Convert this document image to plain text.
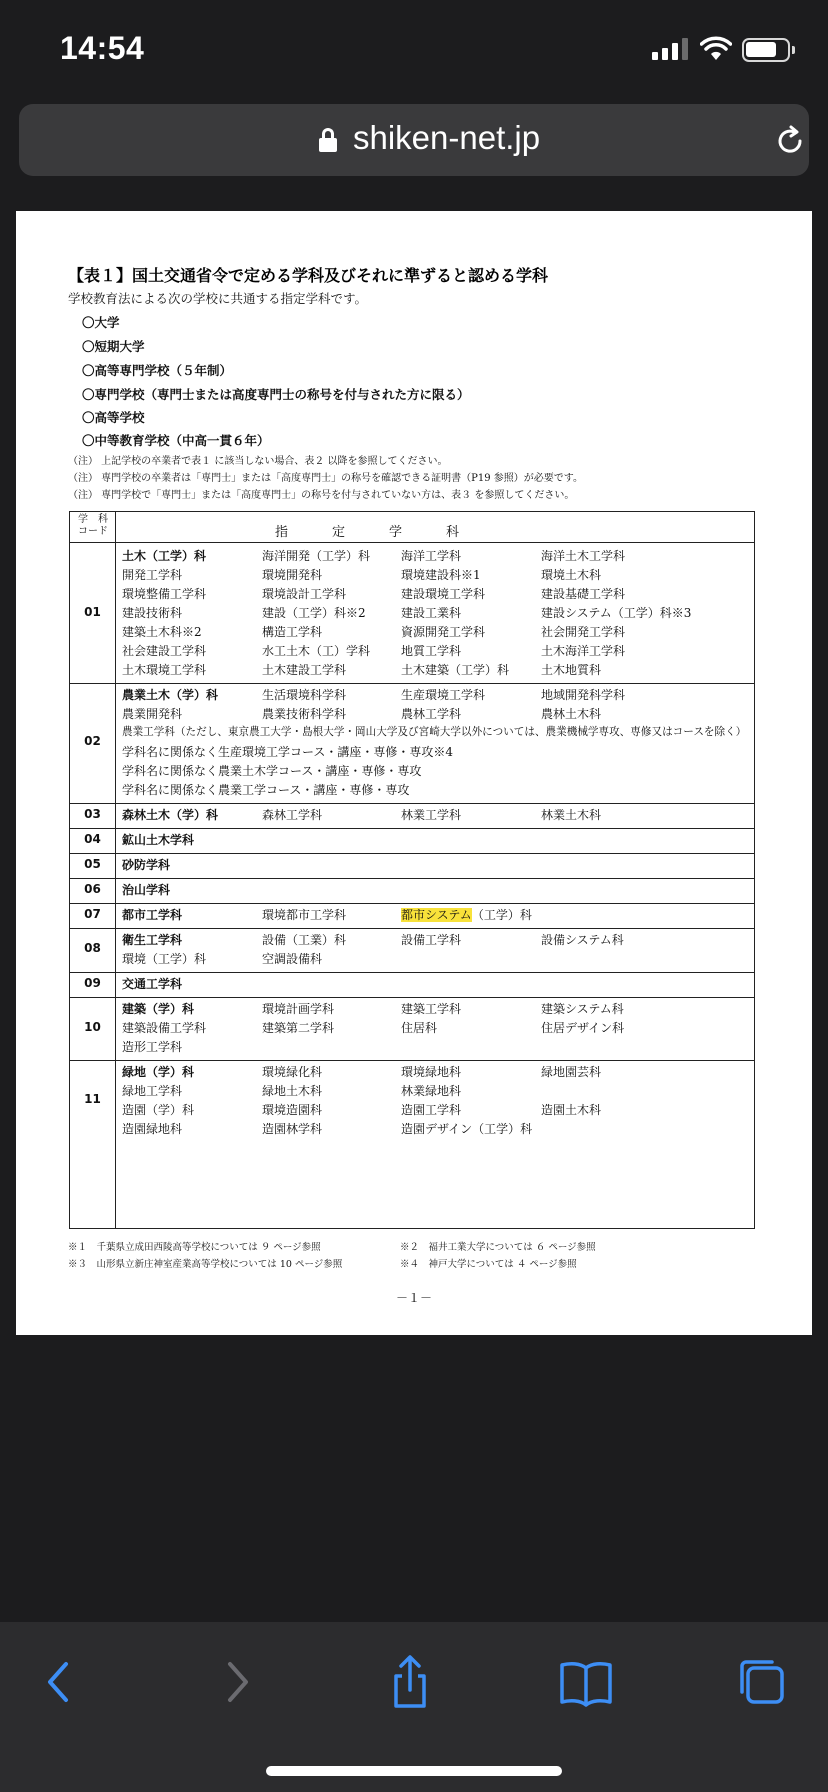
14:54
shiken-net.jp
【表１】国土交通省令で定める学科及びそれに準ずると認める学科
学校教育法による次の学校に共通する指定学科です。
〇大学
〇短期大学
〇高等専門学校（５年制）
〇専門学校（専門士または高度専門士の称号を付与された方に限る）
〇高等学校
〇中等教育学校（中高一貫６年）
（注） 上記学校の卒業者で表１ に該当しない場合、表２ 以降を参照してください。
（注） 専門学校の卒業者は「専門士」または「高度専門士」の称号を確認できる証明書（P19 参照）が必要です。
（注） 専門学校で「専門士」または「高度専門士」の称号を付与されていない方は、表３ を参照してください。
学　科 コード	指定学科
01
土木（工学）科	海洋開発（工学）科	海洋工学科	海洋土木工学科
開発工学科	環境開発科	環境建設科※1	環境土木科
環境整備工学科	環境設計工学科	建設環境工学科	建設基礎工学科
建設技術科	建設（工学）科※2	建設工業科	建設システム（工学）科※3
建築土木科※2	構造工学科	資源開発工学科	社会開発工学科
社会建設工学科	水工土木（工）学科	地質工学科	土木海洋工学科
土木環境工学科	土木建設工学科	土木建築（工学）科	土木地質科
02
農業土木（学）科	生活環境科学科	生産環境工学科	地域開発科学科
農業開発科	農業技術科学科	農林工学科	農林土木科
農業工学科（ただし、東京農工大学・島根大学・岡山大学及び宮崎大学以外については、農業機械学専攻、専修又はコースを除く）
学科名に関係なく生産環境工学コース・講座・専修・専攻※4
学科名に関係なく農業土木学コース・講座・専修・専攻
学科名に関係なく農業工学コース・講座・専修・専攻
03	森林土木（学）科	森林工学科	林業工学科	林業土木科
04	鉱山土木学科
05	砂防学科
06	治山学科
07	都市工学科	環境都市工学科	都市システム（工学）科
08
衛生工学科	設備（工業）科	設備工学科	設備システム科
環境（工学）科	空調設備科
09	交通工学科
10
建築（学）科	環境計画学科	建築工学科	建築システム科
建築設備工学科	建築第二学科	住居科	住居デザイン科
造形工学科
11
緑地（学）科	環境緑化科	環境緑地科	緑地園芸科
緑地工学科	緑地土木科	林業緑地科
造園（学）科	環境造園科	造園工学科	造園土木科
造園緑地科	造園林学科	造園デザイン（工学）科
※１　千葉県立成田西陵高等学校については ９ ページ参照	※２　福井工業大学については ６ ページ参照
※３　山形県立新庄神室産業高等学校については 10 ページ参照	※４　神戸大学については ４ ページ参照
－１－
